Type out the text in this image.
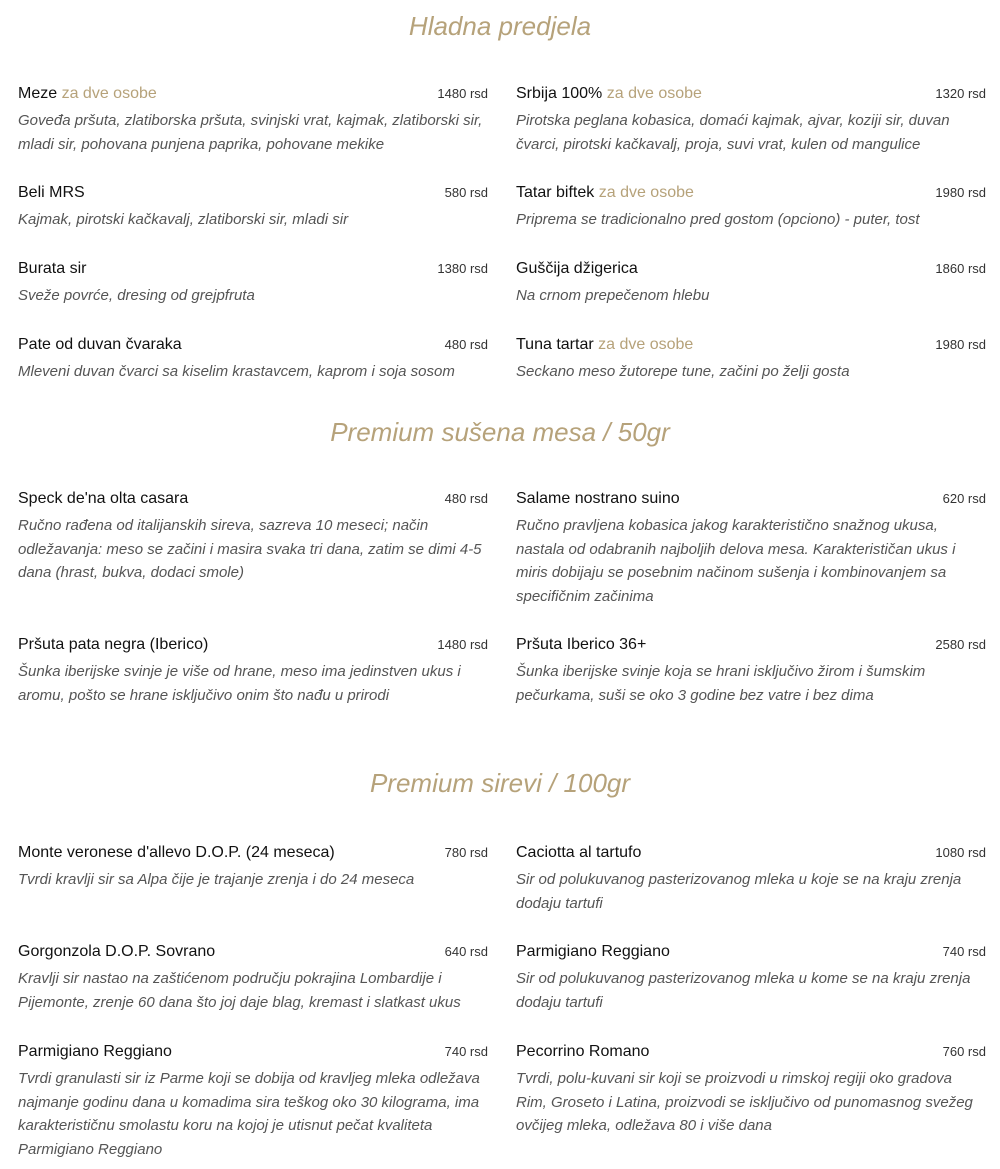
Hladna predjela
Meze za dve osobe	1480 rsd
Goveđa pršuta, zlatiborska pršuta, svinjski vrat, kajmak, zlatiborski sir, mladi sir, pohovana punjena paprika, pohovane mekike
Srbija 100% za dve osobe	1320 rsd
Pirotska peglana kobasica, domaći kajmak, ajvar, koziji sir, duvan čvarci, pirotski kačkavalj, proja, suvi vrat, kulen od mangulice
Beli MRS	580 rsd
Kajmak, pirotski kačkavalj, zlatiborski sir, mladi sir
Tatar biftek za dve osobe	1980 rsd
Priprema se tradicionalno pred gostom (opciono) - puter, tost
Burata sir	1380 rsd
Sveže povrće, dresing od grejpfruta
Guščija džigerica	1860 rsd
Na crnom prepečenom hlebu
Pate od duvan čvaraka	480 rsd
Mleveni duvan čvarci sa kiselim krastavcem, kaprom i soja sosom
Tuna tartar za dve osobe	1980 rsd
Seckano meso žutorepe tune, začini po želji gosta
Premium sušena mesa / 50gr
Speck de'na olta casara	480 rsd
Ručno rađena od italijanskih sireva, sazreva 10 meseci; način odležavanja: meso se začini i masira svaka tri dana, zatim se dimi 4-5 dana (hrast, bukva, dodaci smole)
Salame nostrano suino	620 rsd
Ručno pravljena kobasica jakog karakteristično snažnog ukusa, nastala od odabranih najboljih delova mesa. Karakterističan ukus i miris dobijaju se posebnim načinom sušenja i kombinovanjem sa specifičnim začinima
Pršuta pata negra (Iberico)	1480 rsd
Šunka iberijske svinje je više od hrane, meso ima jedinstven ukus i aromu, pošto se hrane isključivo onim što nađu u prirodi
Pršuta Iberico 36+	2580 rsd
Šunka iberijske svinje koja se hrani isključivo žirom i šumskim pečurkama, suši se oko 3 godine bez vatre i bez dima
Premium sirevi / 100gr
Monte veronese d'allevo D.O.P. (24 meseca)	780 rsd
Tvrdi kravlji sir sa Alpa čije je trajanje zrenja i do 24 meseca
Caciotta al tartufo	1080 rsd
Sir od polukuvanog pasterizovanog mleka u koje se na kraju zrenja dodaju tartufi
Gorgonzola D.O.P. Sovrano	640 rsd
Kravlji sir nastao na zaštićenom području pokrajina Lombardije i Pijemonte, zrenje 60 dana što joj daje blag, kremast i slatkast ukus
Parmigiano Reggiano	740 rsd
Sir od polukuvanog pasterizovanog mleka u kome se na kraju zrenja dodaju tartufi
Parmigiano Reggiano	740 rsd
Tvrdi granulasti sir iz Parme koji se dobija od kravljeg mleka odležava najmanje godinu dana u komadima sira teškog oko 30 kilograma, ima karakterističnu smolastu koru na kojoj je utisnut pečat kvaliteta Parmigiano Reggiano
Pecorrino Romano	760 rsd
Tvrdi, polu-kuvani sir koji se proizvodi u rimskoj regiji oko gradova Rim, Groseto i Latina, proizvodi se isključivo od punomasnog svežeg ovčijeg mleka, odležava 80 i više dana
